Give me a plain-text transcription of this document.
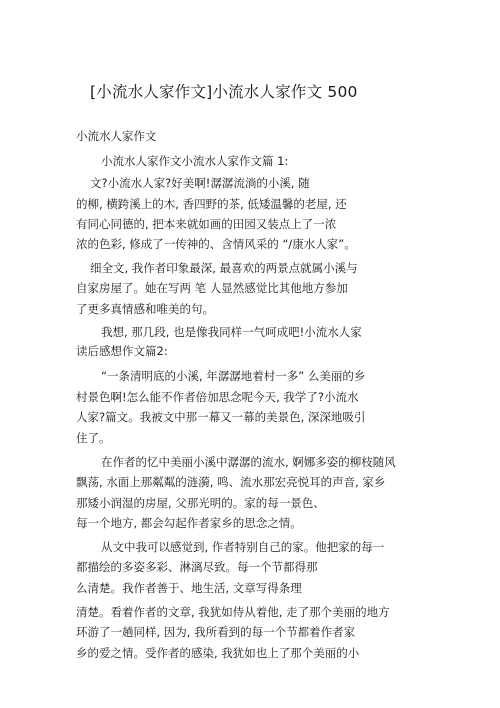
[小流水人家作文]小流水人家作文 500
小流水人家作文
小流水人家作文小流水人家作文篇 1:
文?小流水人家?好美啊!潺潺流淌的小溪, 随
的柳, 横跨溪上的木, 香四野的茶, 低矮温馨的老屋, 还
有同心同德的, 把本来就如画的田园又装点上了一浓
浓的色彩, 修成了一传神的、含情风采的 “/康水人家”。
细全文, 我作者印象最深, 最喜欢的两景点就属小溪与
自家房屋了。她在写两 笔 人显然感觉比其他地方参加
了更多真情感和唯美的句。
我想, 那几段, 也是像我同样一气呵成吧!小流水人家
读后感想作文篇2:
“一条清明底的小溪, 年潺潺地着村一多” 么美丽的乡
村景色啊!怎么能不作者倍加思念呢今天, 我学了?小流水
人家?篇文。我被文中那一幕又一幕的美景色, 深深地吸引
住了。
在作者的忆中美丽小溪中潺潺的流水, 婀娜多姿的柳枝随风
飘荡, 水面上那粼粼的涟漪, 鸣、流水那宏亮悦耳的声音, 家乡
那矮小润湿的房屋, 父那光明的。家的每一景色、
每一个地方, 都会勾起作者家乡的思念之情。
从文中我可以感觉到, 作者特别自己的家。他把家的每一
都描绘的多姿多彩、淋漓尽致。每一个节都得那
么清楚。我作者善于、地生活, 文章写得条理
清楚。看着作者的文章, 我犹如侍从着他, 走了那个美丽的地方
环游了一趟同样, 因为, 我所看到的每一个节都着作者家
乡的爱之情。受作者的感染, 我犹如也上了那个美丽的小
